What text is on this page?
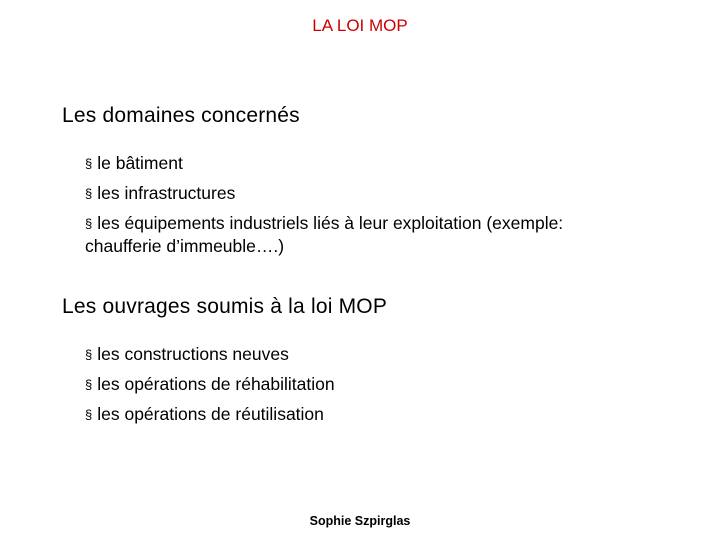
LA LOI MOP
Les domaines concernés
§ le bâtiment
§ les infrastructures
§ les équipements industriels liés à leur exploitation (exemple:
chaufferie d’immeuble….)
Les ouvrages soumis à la loi MOP
§ les constructions neuves
§ les opérations de réhabilitation
§ les opérations de réutilisation

Sophie Szpirglas
